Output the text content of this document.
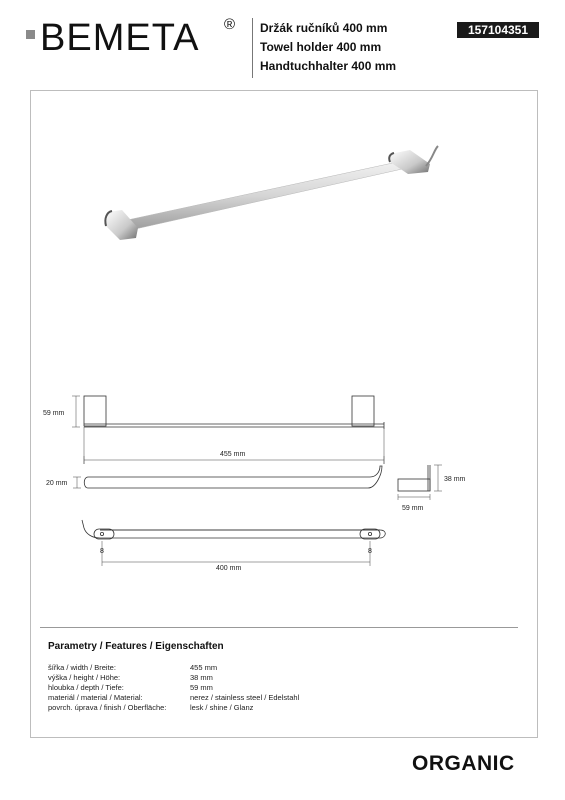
BEMETA ® Držák ručníků 400 mm
Towel holder 400 mm
Handtuchhalter 400 mm
157104351
59 mm
455 mm
20 mm
38 mm
59 mm
8	8
400 mm
Parametry / Features / Eigenschaften
šířka / width / Breite:	455 mm
výška / height / Höhe:	38 mm
hloubka / depth / Tiefe:	59 mm
materiál / material / Material:	nerez / stainless steel / Edelstahl
povrch. úprava / finish / Oberfläche:	lesk / shine / Glanz
ORGANIC
